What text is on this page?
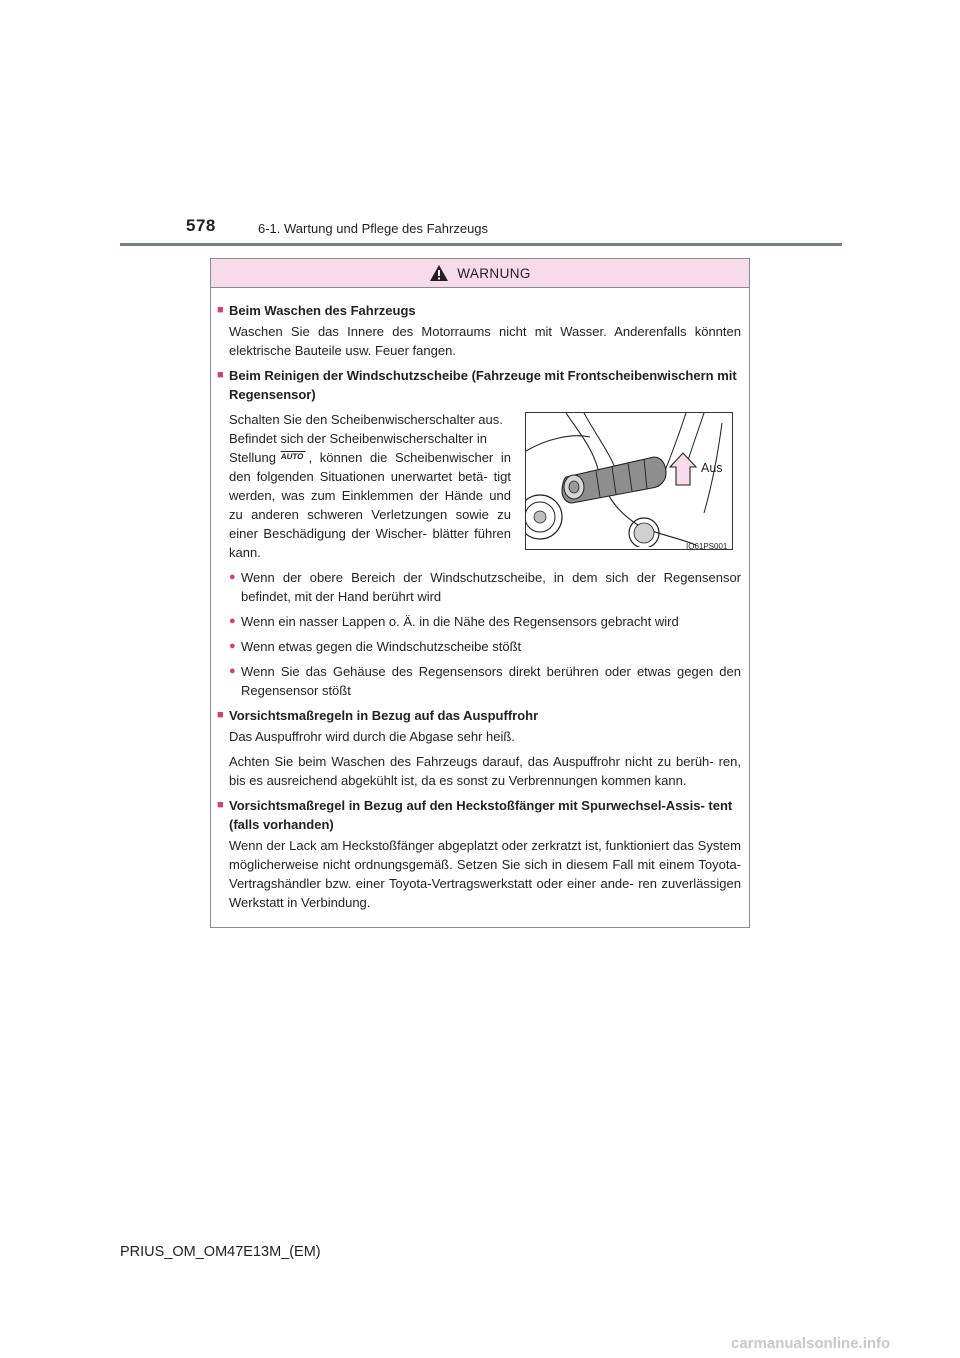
578	6-1. Wartung und Pflege des Fahrzeugs
WARNUNG
■ Beim Waschen des Fahrzeugs
Waschen Sie das Innere des Motorraums nicht mit Wasser. Anderenfalls könnten elektrische Bauteile usw. Feuer fangen.
■ Beim Reinigen der Windschutzscheibe (Fahrzeuge mit Frontscheibenwischern mit Regensensor)
Schalten Sie den Scheibenwischerschalter aus.
Befindet sich der Scheibenwischerschalter in
Stellung AUTO , können die Scheibenwischer in den folgenden Situationen unerwartet betä- tigt werden, was zum Einklemmen der Hände und zu anderen schweren Verletzungen sowie zu einer Beschädigung der Wischer- blätter führen kann.
Aus
IO61PS001
● Wenn der obere Bereich der Windschutzscheibe, in dem sich der Regensensor befindet, mit der Hand berührt wird
● Wenn ein nasser Lappen o. Ä. in die Nähe des Regensensors gebracht wird
● Wenn etwas gegen die Windschutzscheibe stößt
● Wenn Sie das Gehäuse des Regensensors direkt berühren oder etwas gegen den Regensensor stößt
■ Vorsichtsmaßregeln in Bezug auf das Auspuffrohr
Das Auspuffrohr wird durch die Abgase sehr heiß.
Achten Sie beim Waschen des Fahrzeugs darauf, das Auspuffrohr nicht zu berüh- ren, bis es ausreichend abgekühlt ist, da es sonst zu Verbrennungen kommen kann.
■ Vorsichtsmaßregel in Bezug auf den Heckstoßfänger mit Spurwechsel-Assis- tent (falls vorhanden)
Wenn der Lack am Heckstoßfänger abgeplatzt oder zerkratzt ist, funktioniert das System möglicherweise nicht ordnungsgemäß. Setzen Sie sich in diesem Fall mit einem Toyota-Vertragshändler bzw. einer Toyota-Vertragswerkstatt oder einer ande- ren zuverlässigen Werkstatt in Verbindung.
PRIUS_OM_OM47E13M_(EM)
carmanualsonline.info
